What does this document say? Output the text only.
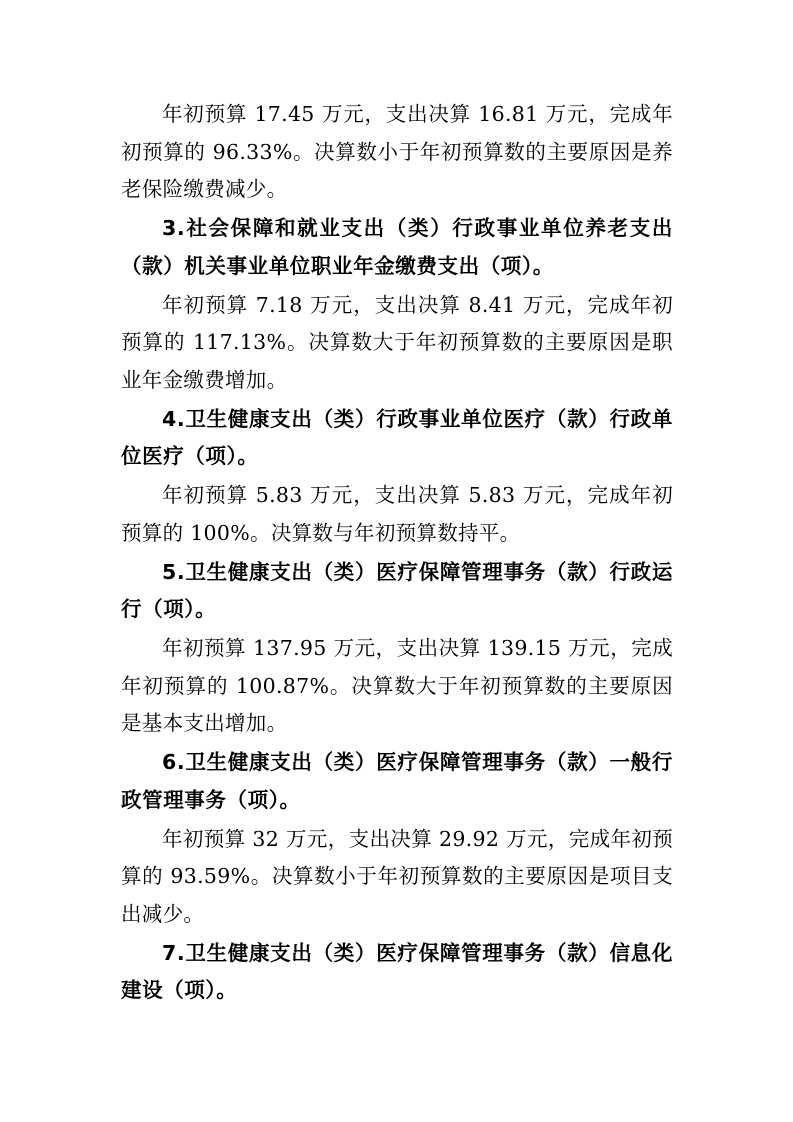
年初预算 17.45 万元，支出决算 16.81 万元，完成年初预算的 96.33%。决算数小于年初预算数的主要原因是养老保险缴费减少。

3.社会保障和就业支出（类）行政事业单位养老支出（款）机关事业单位职业年金缴费支出（项）。

年初预算 7.18 万元，支出决算 8.41 万元，完成年初预算的 117.13%。决算数大于年初预算数的主要原因是职业年金缴费增加。

4.卫生健康支出（类）行政事业单位医疗（款）行政单位医疗（项）。

年初预算 5.83 万元，支出决算 5.83 万元，完成年初预算的 100%。决算数与年初预算数持平。

5.卫生健康支出（类）医疗保障管理事务（款）行政运行（项）。

年初预算 137.95 万元，支出决算 139.15 万元，完成年初预算的 100.87%。决算数大于年初预算数的主要原因是基本支出增加。

6.卫生健康支出（类）医疗保障管理事务（款）一般行政管理事务（项）。

年初预算 32 万元，支出决算 29.92 万元，完成年初预算的 93.59%。决算数小于年初预算数的主要原因是项目支出减少。

7.卫生健康支出（类）医疗保障管理事务（款）信息化建设（项）。
